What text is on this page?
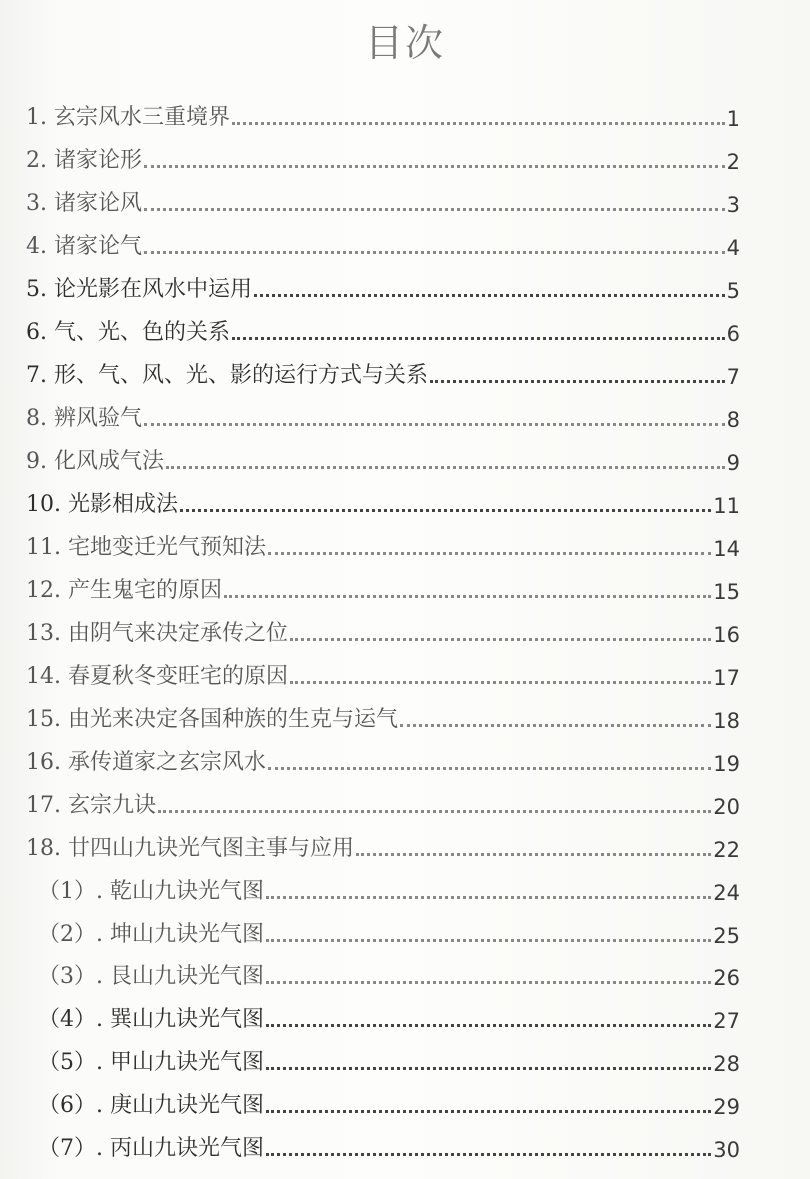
目次
1. 玄宗风水三重境界	1
2. 诸家论形	2
3. 诸家论风	3
4. 诸家论气	4
5. 论光影在风水中运用	5
6. 气、光、色的关系	6
7. 形、气、风、光、影的运行方式与关系	7
8. 辨风验气	8
9. 化风成气法	9
10. 光影相成法	11
11. 宅地变迁光气预知法	14
12. 产生鬼宅的原因	15
13. 由阴气来决定承传之位	16
14. 春夏秋冬变旺宅的原因	17
15. 由光来决定各国种族的生克与运气	18
16. 承传道家之玄宗风水	19
17. 玄宗九诀	20
18. 廿四山九诀光气图主事与应用	22
（1）. 乾山九诀光气图	24
（2）. 坤山九诀光气图	25
（3）. 艮山九诀光气图	26
（4）. 巽山九诀光气图	27
（5）. 甲山九诀光气图	28
（6）. 庚山九诀光气图	29
（7）. 丙山九诀光气图	30
